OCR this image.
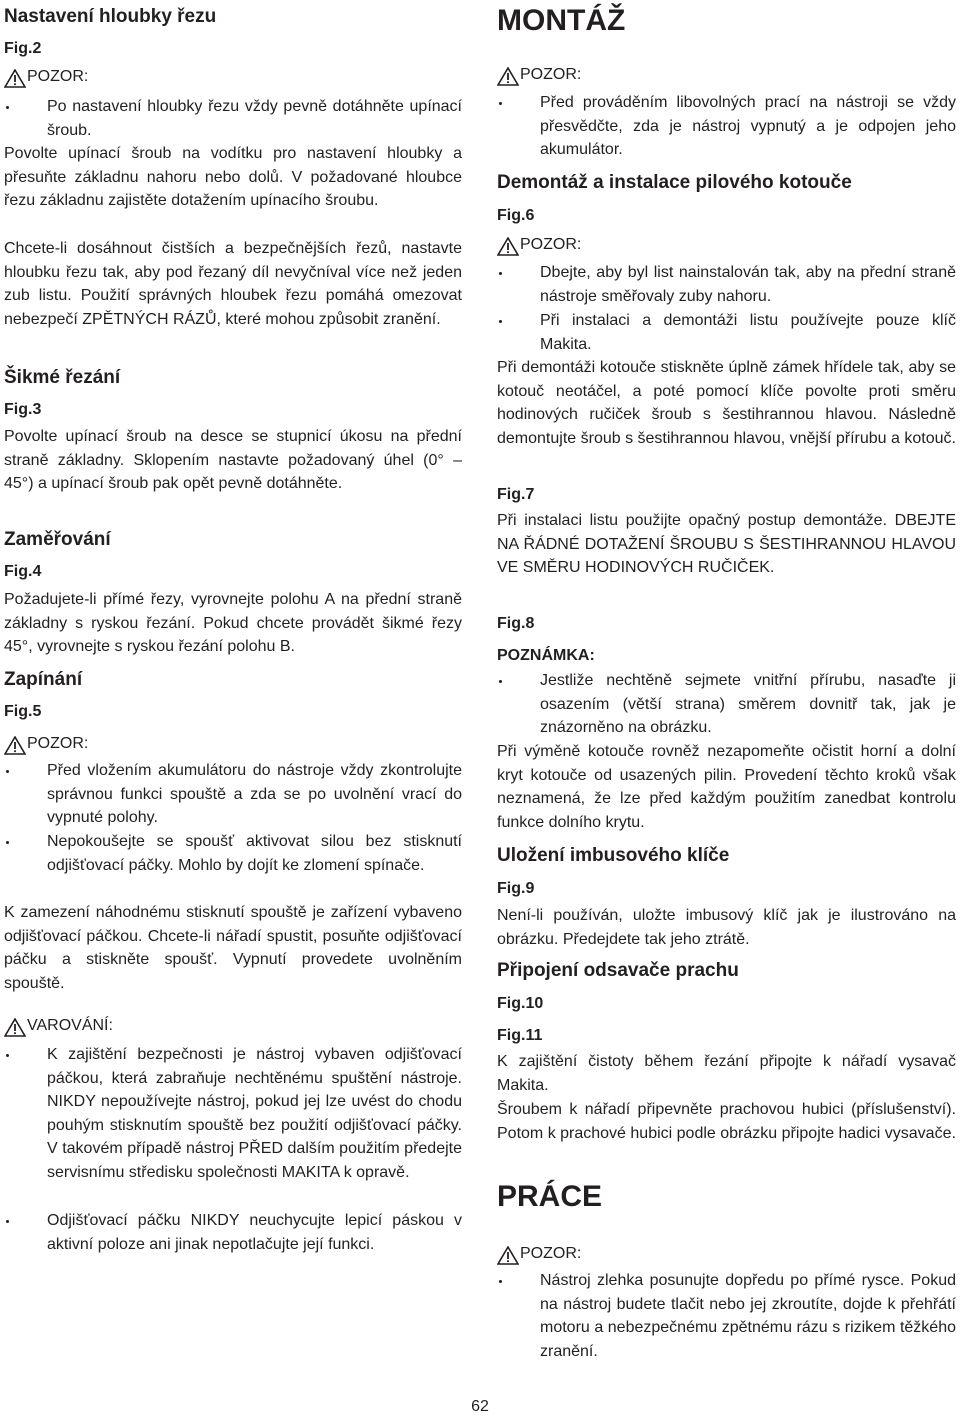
Nastavení hloubky řezu
Fig.2
POZOR:
Po nastavení hloubky řezu vždy pevně dotáhněte upínací šroub.
Povolte upínací šroub na vodítku pro nastavení hloubky a přesuňte základnu nahoru nebo dolů. V požadované hloubce řezu základnu zajistěte dotažením upínacího šroubu.
Chcete-li dosáhnout čistších a bezpečnějších řezů, nastavte hloubku řezu tak, aby pod řezaný díl nevyčníval více než jeden zub listu. Použití správných hloubek řezu pomáhá omezovat nebezpečí ZPĚTNÝCH RÁZŮ, které mohou způsobit zranění.
Šikmé řezání
Fig.3
Povolte upínací šroub na desce se stupnicí úkosu na přední straně základny. Sklopením nastavte požadovaný úhel (0° – 45°) a upínací šroub pak opět pevně dotáhněte.
Zaměřování
Fig.4
Požadujete-li přímé řezy, vyrovnejte polohu A na přední straně základny s ryskou řezání. Pokud chcete provádět šikmé řezy 45°, vyrovnejte s ryskou řezání polohu B.
Zapínání
Fig.5
POZOR:
Před vložením akumulátoru do nástroje vždy zkontrolujte správnou funkci spouště a zda se po uvolnění vrací do vypnuté polohy.
Nepokoušejte se spoušť aktivovat silou bez stisknutí odjišťovací páčky. Mohlo by dojít ke zlomení spínače.
K zamezení náhodnému stisknutí spouště je zařízení vybaveno odjišťovací páčkou. Chcete-li nářadí spustit, posuňte odjišťovací páčku a stiskněte spoušť. Vypnutí provedete uvolněním spouště.
VAROVÁNÍ:
K zajištění bezpečnosti je nástroj vybaven odjišťovací páčkou, která zabraňuje nechtěnému spuštění nástroje. NIKDY nepoužívejte nástroj, pokud jej lze uvést do chodu pouhým stisknutím spouště bez použití odjišťovací páčky. V takovém případě nástroj PŘED dalším použitím předejte servisnímu středisku společnosti MAKITA k opravě.
Odjišťovací páčku NIKDY neuchycujte lepicí páskou v aktivní poloze ani jinak nepotlačujte její funkci.
MONTÁŽ
POZOR:
Před prováděním libovolných prací na nástroji se vždy přesvědčte, zda je nástroj vypnutý a je odpojen jeho akumulátor.
Demontáž a instalace pilového kotouče
Fig.6
POZOR:
Dbejte, aby byl list nainstalován tak, aby na přední straně nástroje směřovaly zuby nahoru.
Při instalaci a demontáži listu používejte pouze klíč Makita.
Při demontáži kotouče stiskněte úplně zámek hřídele tak, aby se kotouč neotáčel, a poté pomocí klíče povolte proti směru hodinových ručiček šroub s šestihrannou hlavou. Následně demontujte šroub s šestihrannou hlavou, vnější přírubu a kotouč.
Fig.7
Při instalaci listu použijte opačný postup demontáže. DBEJTE NA ŘÁDNÉ DOTAŽENÍ ŠROUBU S ŠESTIHRANNOU HLAVOU VE SMĚRU HODINOVÝCH RUČIČEK.
Fig.8
POZNÁMKA:
Jestliže nechtěně sejmete vnitřní přírubu, nasaďte ji osazením (větší strana) směrem dovnitř tak, jak je znázorněno na obrázku.
Při výměně kotouče rovněž nezapomeňte očistit horní a dolní kryt kotouče od usazených pilin. Provedení těchto kroků však neznamená, že lze před každým použitím zanedbat kontrolu funkce dolního krytu.
Uložení imbusového klíče
Fig.9
Není-li používán, uložte imbusový klíč jak je ilustrováno na obrázku. Předejdete tak jeho ztrátě.
Připojení odsavače prachu
Fig.10
Fig.11
K zajištění čistoty během řezání připojte k nářadí vysavač Makita.
Šroubem k nářadí připevněte prachovou hubici (příslušenství). Potom k prachové hubici podle obrázku připojte hadici vysavače.
PRÁCE
POZOR:
Nástroj zlehka posunujte dopředu po přímé rysce. Pokud na nástroj budete tlačit nebo jej zkroutíte, dojde k přehřátí motoru a nebezpečnému zpětnému rázu s rizikem těžkého zranění.
62
